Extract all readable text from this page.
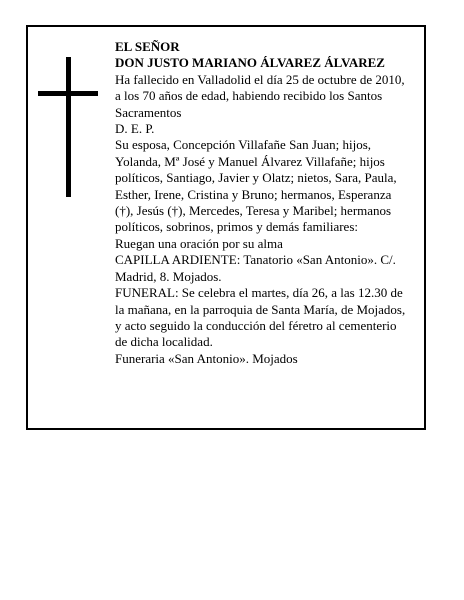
EL SEÑOR

DON JUSTO MARIANO ÁLVAREZ ÁLVAREZ

Ha fallecido en Valladolid el día 25 de octubre de 2010,

a los 70 años de edad, habiendo recibido los Santos

Sacramentos

D. E. P.

Su esposa, Concepción Villafañe San Juan; hijos,

Yolanda, Mª José y Manuel Álvarez Villafañe; hijos

políticos, Santiago, Javier y Olatz; nietos, Sara, Paula,

Esther, Irene, Cristina y Bruno; hermanos, Esperanza

(†), Jesús (†), Mercedes, Teresa y Maribel; hermanos

políticos, sobrinos, primos y demás familiares:

Ruegan una oración por su alma

CAPILLA ARDIENTE: Tanatorio «San Antonio». C/.

Madrid, 8. Mojados.

FUNERAL: Se celebra el martes, día 26, a las 12.30 de

la mañana, en la parroquia de Santa María, de Mojados,

y acto seguido la conducción del féretro al cementerio

de dicha localidad.

Funeraria «San Antonio». Mojados
